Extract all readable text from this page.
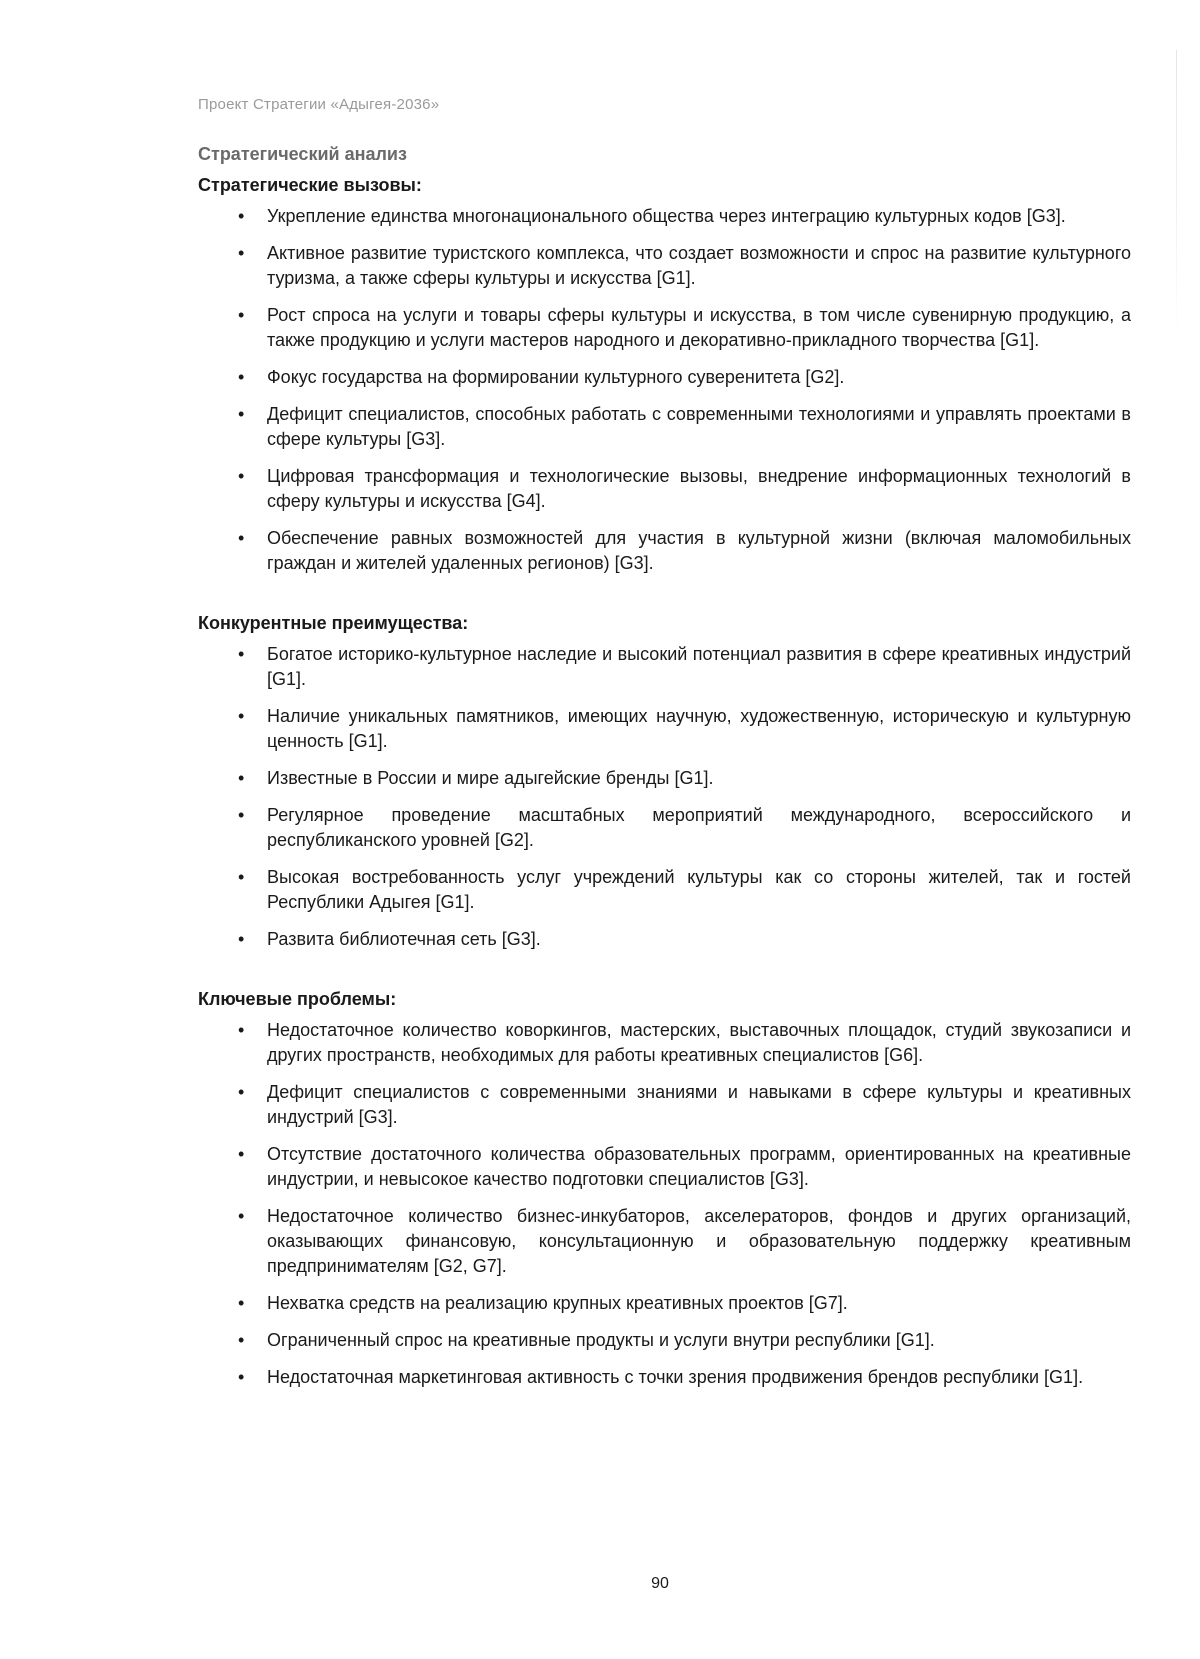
Проект Стратегии «Адыгея-2036»
Стратегический анализ
Стратегические вызовы:
• Укрепление единства многонационального общества через интеграцию культурных кодов [G3].
• Активное развитие туристского комплекса, что создает возможности и спрос на развитие культурного туризма, а также сферы культуры и искусства [G1].
• Рост спроса на услуги и товары сферы культуры и искусства, в том числе сувенирную продукцию, а также продукцию и услуги мастеров народного и декоративно-прикладного творчества [G1].
• Фокус государства на формировании культурного суверенитета [G2].
• Дефицит специалистов, способных работать с современными технологиями и управлять проектами в сфере культуры [G3].
• Цифровая трансформация и технологические вызовы, внедрение информационных технологий в сферу культуры и искусства [G4].
• Обеспечение равных возможностей для участия в культурной жизни (включая маломобильных граждан и жителей удаленных регионов) [G3].
Конкурентные преимущества:
• Богатое историко-культурное наследие и высокий потенциал развития в сфере креативных индустрий [G1].
• Наличие уникальных памятников, имеющих научную, художественную, историческую и культурную ценность [G1].
• Известные в России и мире адыгейские бренды [G1].
• Регулярное проведение масштабных мероприятий международного, всероссийского и республиканского уровней [G2].
• Высокая востребованность услуг учреждений культуры как со стороны жителей, так и гостей Республики Адыгея [G1].
• Развита библиотечная сеть [G3].
Ключевые проблемы:
• Недостаточное количество коворкингов, мастерских, выставочных площадок, студий звукозаписи и других пространств, необходимых для работы креативных специалистов [G6].
• Дефицит специалистов с современными знаниями и навыками в сфере культуры и креативных индустрий [G3].
• Отсутствие достаточного количества образовательных программ, ориентированных на креативные индустрии, и невысокое качество подготовки специалистов [G3].
• Недостаточное количество бизнес-инкубаторов, акселераторов, фондов и других организаций, оказывающих финансовую, консультационную и образовательную поддержку креативным предпринимателям [G2, G7].
• Нехватка средств на реализацию крупных креативных проектов [G7].
• Ограниченный спрос на креативные продукты и услуги внутри республики [G1].
• Недостаточная маркетинговая активность с точки зрения продвижения брендов республики [G1].
90
